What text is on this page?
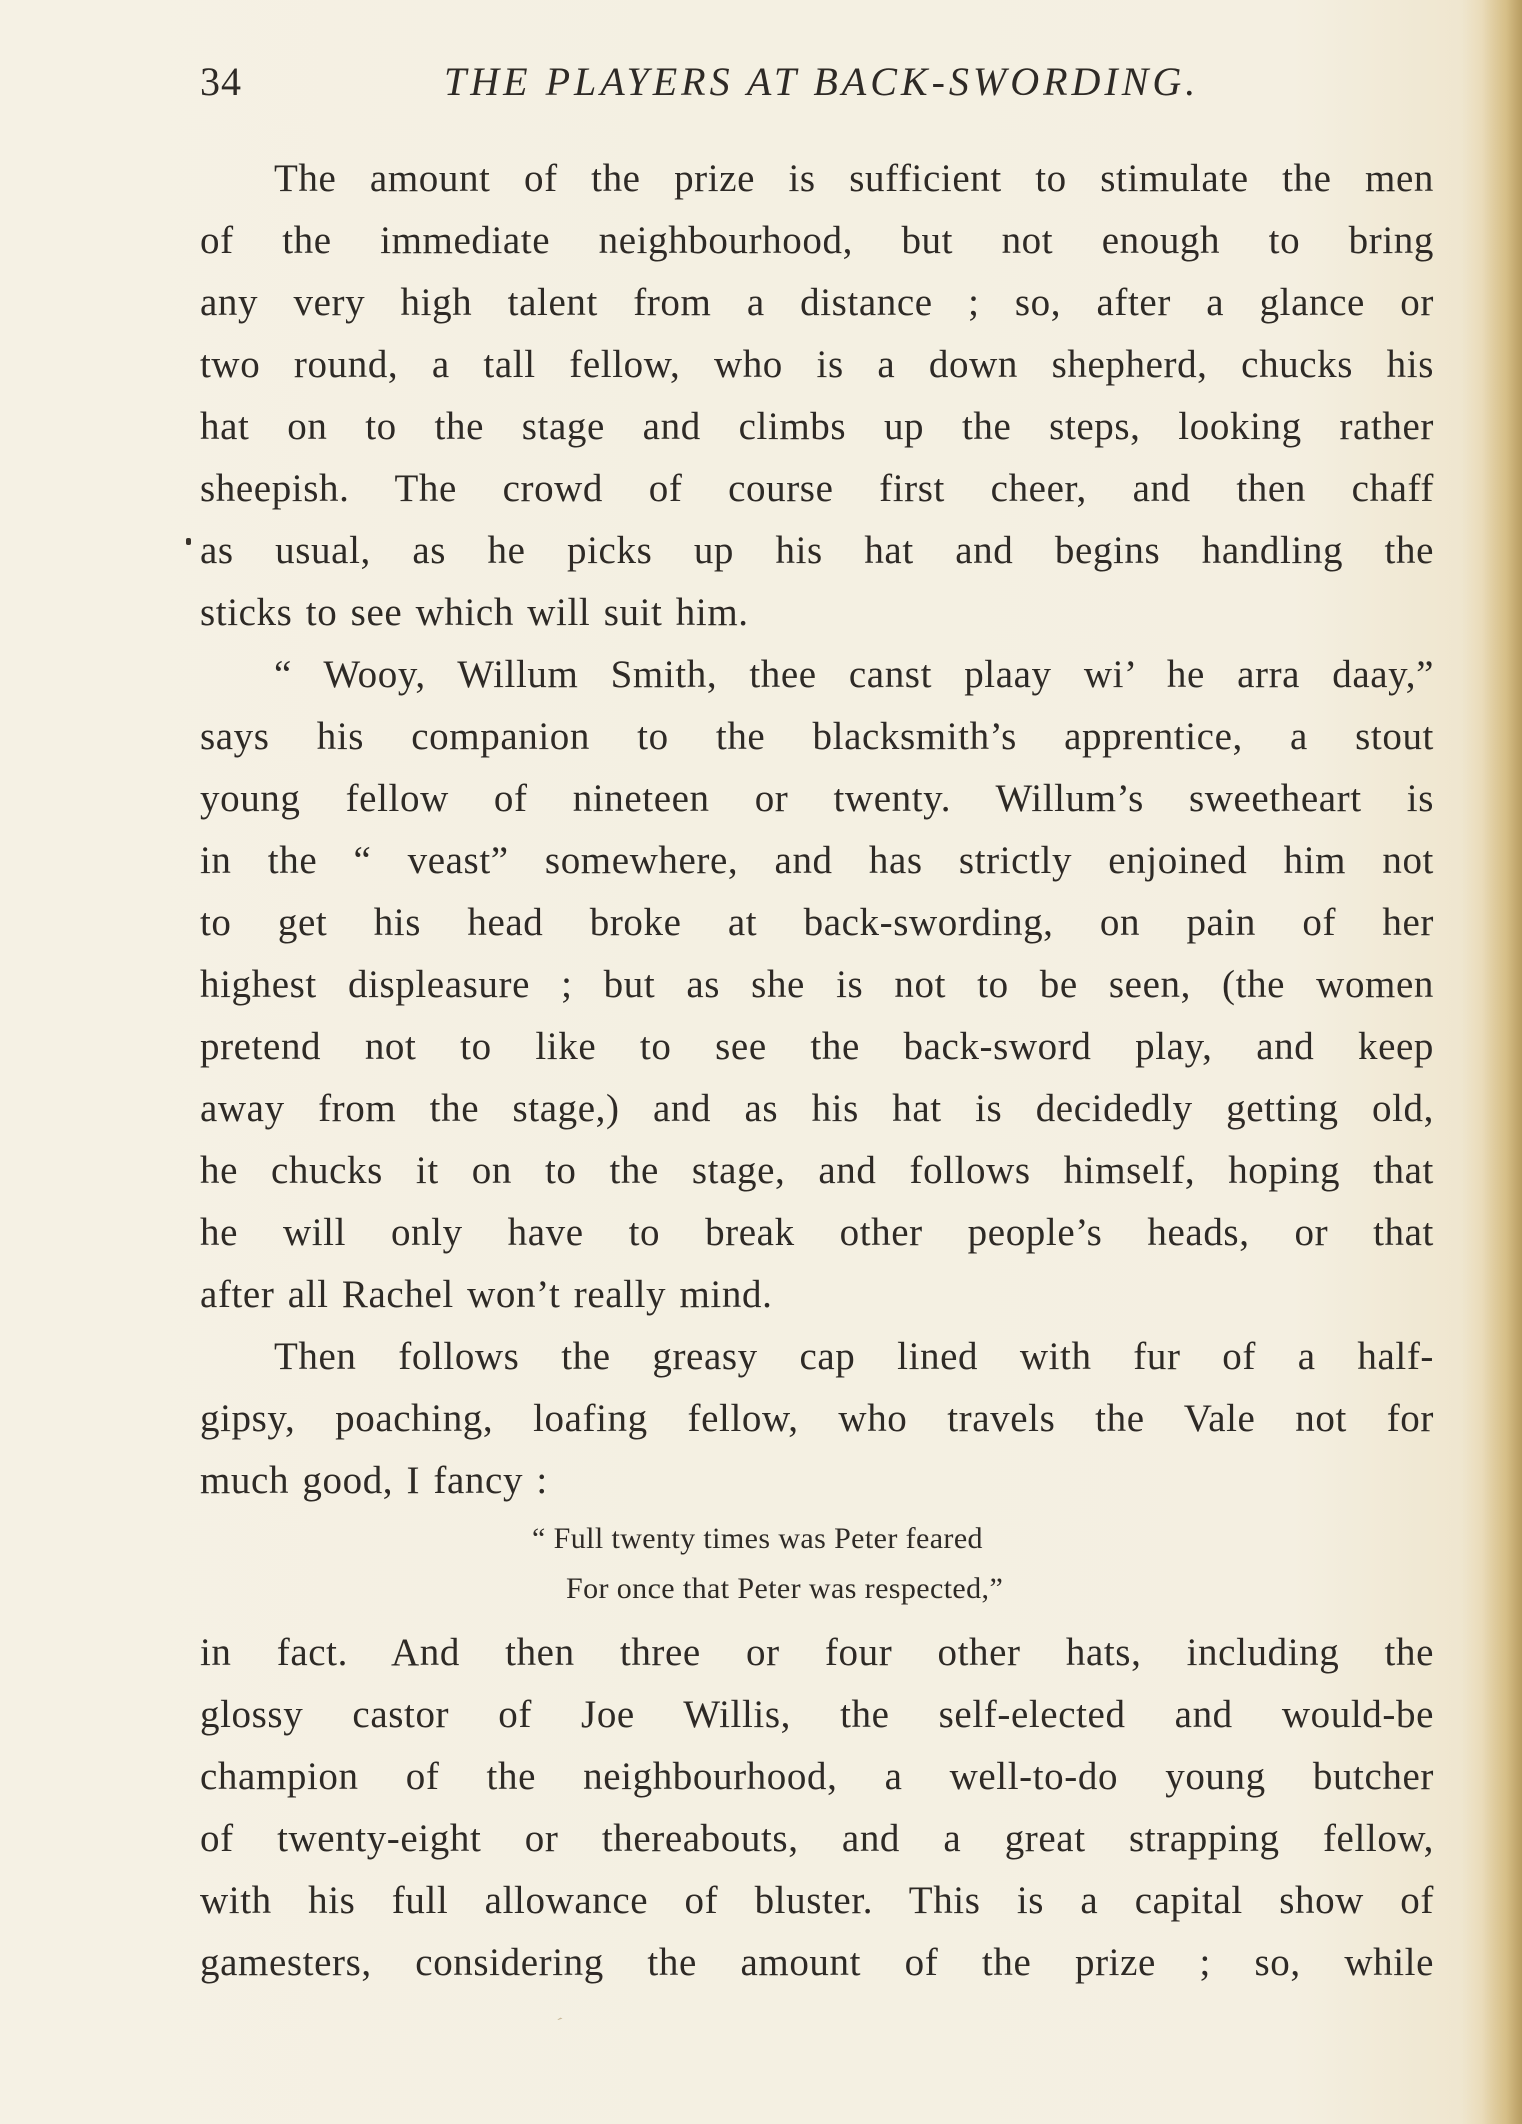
34	THE PLAYERS AT BACK-SWORDING.
The amount of the prize is sufficient to stimulate the men
of the immediate neighbourhood, but not enough to bring
any very high talent from a distance ; so, after a glance or
two round, a tall fellow, who is a down shepherd, chucks his
hat on to the stage and climbs up the steps, looking rather
sheepish. The crowd of course first cheer, and then chaff
as usual, as he picks up his hat and begins handling the
sticks to see which will suit him.
“ Wooy, Willum Smith, thee canst plaay wi’ he arra daay,”
says his companion to the blacksmith’s apprentice, a stout
young fellow of nineteen or twenty. Willum’s sweetheart is
in the “ veast” somewhere, and has strictly enjoined him not
to get his head broke at back-swording, on pain of her
highest displeasure ; but as she is not to be seen, (the women
pretend not to like to see the back-sword play, and keep
away from the stage,) and as his hat is decidedly getting old,
he chucks it on to the stage, and follows himself, hoping that
he will only have to break other people’s heads, or that
after all Rachel won’t really mind.
Then follows the greasy cap lined with fur of a half-
gipsy, poaching, loafing fellow, who travels the Vale not for
much good, I fancy :
“ Full twenty times was Peter feared
For once that Peter was respected,”
in fact. And then three or four other hats, including the
glossy castor of Joe Willis, the self-elected and would-be
champion of the neighbourhood, a well-to-do young butcher
of twenty-eight or thereabouts, and a great strapping fellow,
with his full allowance of bluster. This is a capital show of
gamesters, considering the amount of the prize ; so, while
ˊ
